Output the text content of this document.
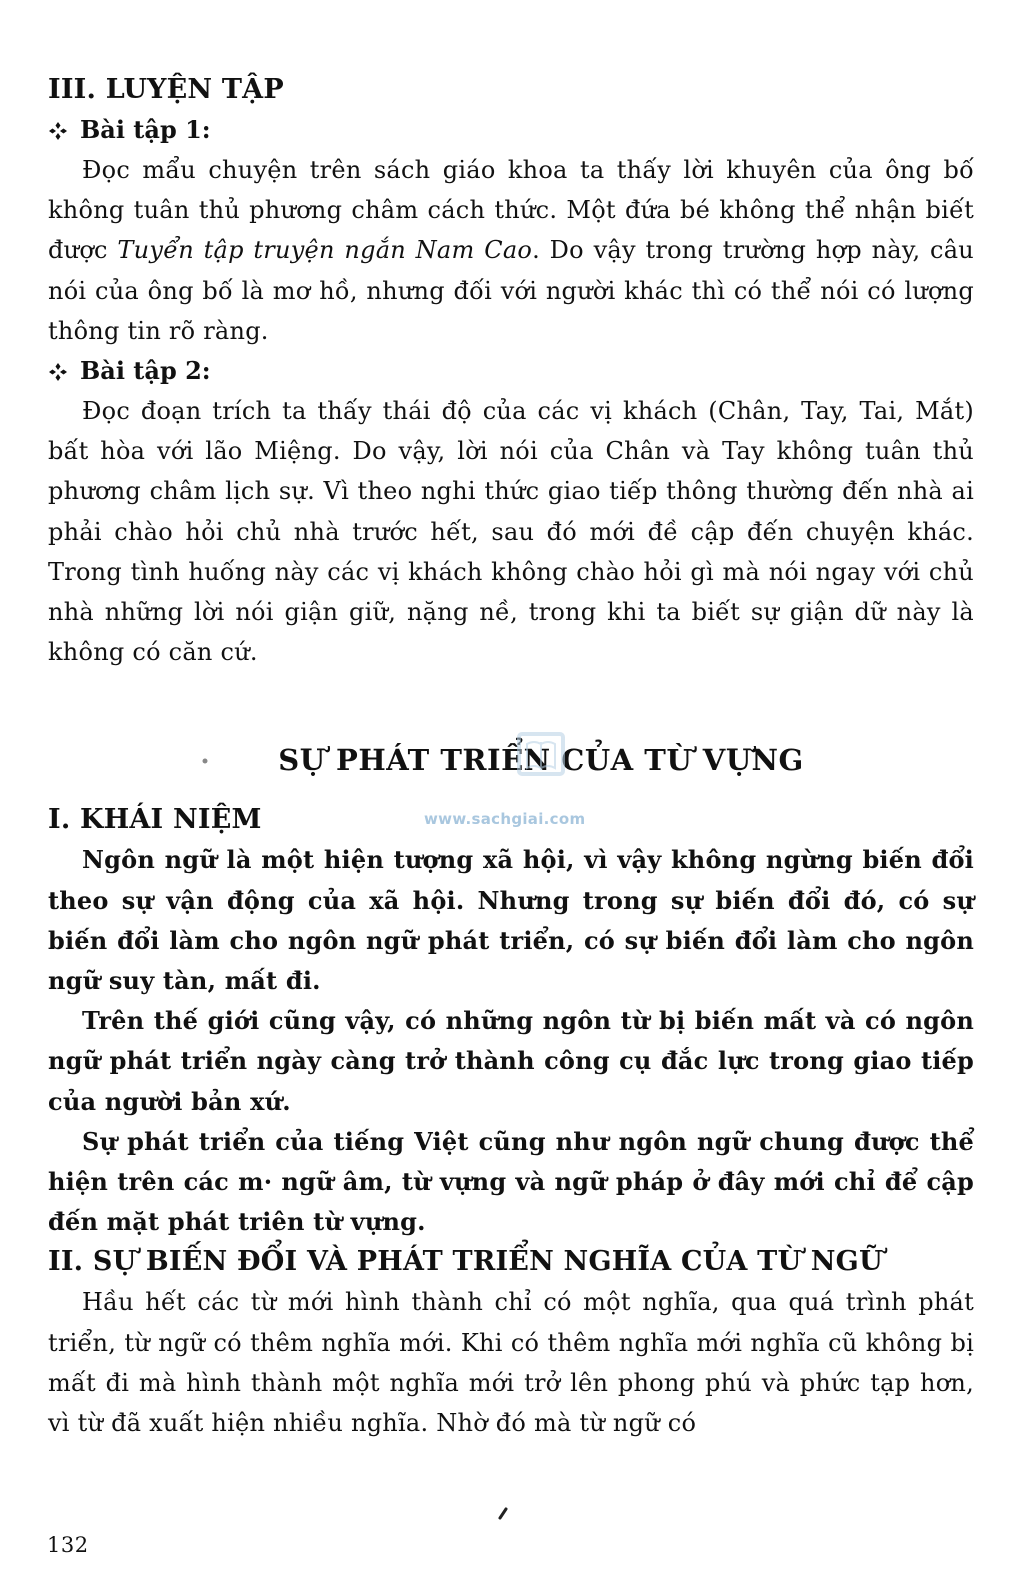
III. LUYỆN TẬP
Bài tập 1:

Đọc mẩu chuyện trên sách giáo khoa ta thấy lời khuyên của ông bố không tuân thủ phương châm cách thức. Một đứa bé không thể nhận biết được Tuyển tập truyện ngắn Nam Cao. Do vậy trong trường hợp này, câu nói của ông bố là mơ hồ, nhưng đối với người khác thì có thể nói có lượng thông tin rõ ràng.

Bài tập 2:

Đọc đoạn trích ta thấy thái độ của các vị khách (Chân, Tay, Tai, Mắt) bất hòa với lão Miệng. Do vậy, lời nói của Chân và Tay không tuân thủ phương châm lịch sự. Vì theo nghi thức giao tiếp thông thường đến nhà ai phải chào hỏi chủ nhà trước hết, sau đó mới đề cập đến chuyện khác. Trong tình huống này các vị khách không chào hỏi gì mà nói ngay với chủ nhà những lời nói giận giữ, nặng nề, trong khi ta biết sự giận dữ này là không có căn cứ.

SỰ PHÁT TRIỂN CỦA TỪ VỰNG
I. KHÁI NIỆM

Ngôn ngữ là một hiện tượng xã hội, vì vậy không ngừng biến đổi theo sự vận động của xã hội. Nhưng trong sự biến đổi đó, có sự biến đổi làm cho ngôn ngữ phát triển, có sự biến đổi làm cho ngôn ngữ suy tàn, mất đi.

Trên thế giới cũng vậy, có những ngôn từ bị biến mất và có ngôn ngữ phát triển ngày càng trở thành công cụ đắc lực trong giao tiếp của người bản xứ.

Sự phát triển của tiếng Việt cũng như ngôn ngữ chung được thể hiện trên các m· ngữ âm, từ vựng và ngữ pháp ở đây mới chỉ để cập đến mặt phát triên từ vựng.

II. SỰ BIẾN ĐỔI VÀ PHÁT TRIỂN NGHĨA CỦA TỪ NGỮ

Hầu hết các từ mới hình thành chỉ có một nghĩa, qua quá trình phát triển, từ ngữ có thêm nghĩa mới. Khi có thêm nghĩa mới nghĩa cũ không bị mất đi mà hình thành một nghĩa mới trở lên phong phú và phức tạp hơn, vì từ đã xuất hiện nhiều nghĩa. Nhờ đó mà từ ngữ có

www.sachgiai.com
132
